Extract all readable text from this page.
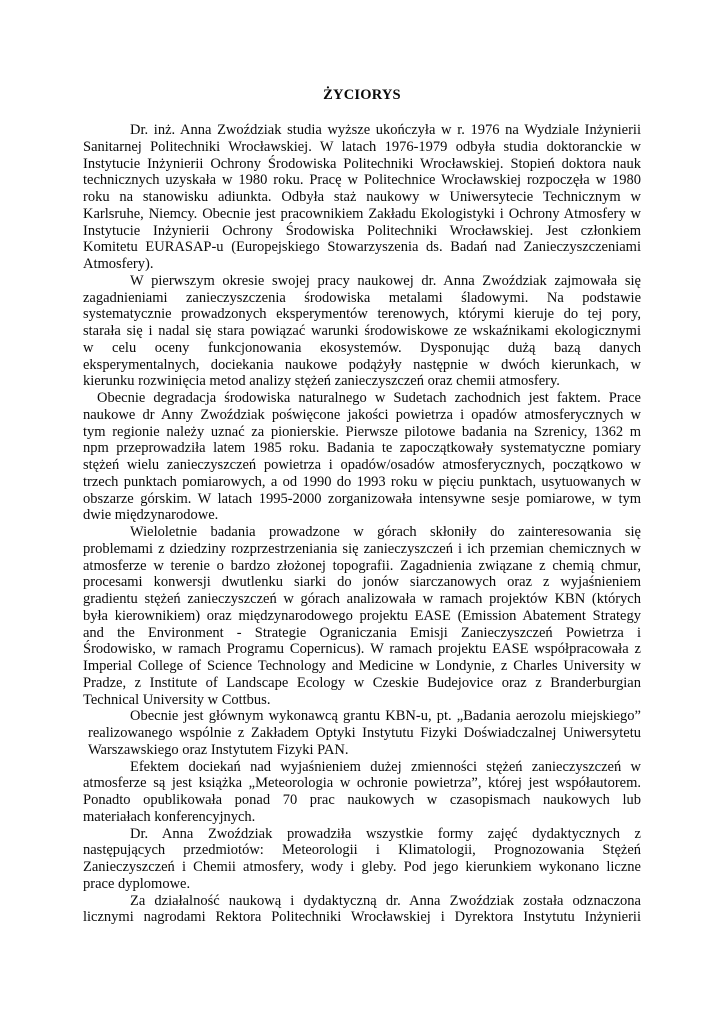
ŻYCIORYS
Dr. inż. Anna Zwoździak studia wyższe ukończyła w r. 1976 na Wydziale Inżynierii
Sanitarnej Politechniki Wrocławskiej. W latach 1976-1979 odbyła studia doktoranckie w
Instytucie Inżynierii Ochrony Środowiska Politechniki Wrocławskiej. Stopień doktora nauk
technicznych uzyskała w 1980 roku. Pracę w Politechnice Wrocławskiej rozpoczęła w 1980
roku na stanowisku adiunkta. Odbyła staż naukowy w Uniwersytecie Technicznym w
Karlsruhe, Niemcy. Obecnie jest pracownikiem Zakładu Ekologistyki i Ochrony Atmosfery w
Instytucie Inżynierii Ochrony Środowiska Politechniki Wrocławskiej. Jest członkiem
Komitetu EURASAP-u (Europejskiego Stowarzyszenia ds. Badań nad Zanieczyszczeniami
Atmosfery).
W pierwszym okresie swojej pracy naukowej dr. Anna Zwoździak zajmowała się
zagadnieniami zanieczyszczenia środowiska metalami śladowymi. Na podstawie
systematycznie prowadzonych eksperymentów terenowych, którymi kieruje do tej pory,
starała się i nadal się stara powiązać warunki środowiskowe ze wskaźnikami ekologicznymi
w celu oceny funkcjonowania ekosystemów. Dysponując dużą bazą danych
eksperymentalnych, dociekania naukowe podążyły następnie w dwóch kierunkach, w
kierunku rozwinięcia metod analizy stężeń zanieczyszczeń oraz chemii atmosfery.
Obecnie degradacja środowiska naturalnego w Sudetach zachodnich jest faktem. Prace
naukowe dr Anny Zwoździak poświęcone jakości powietrza i opadów atmosferycznych w
tym regionie należy uznać za pionierskie. Pierwsze pilotowe badania na Szrenicy, 1362 m
npm przeprowadziła latem 1985 roku. Badania te zapoczątkowały systematyczne pomiary
stężeń wielu zanieczyszczeń powietrza i opadów/osadów atmosferycznych, początkowo w
trzech punktach pomiarowych, a od 1990 do 1993 roku w pięciu punktach, usytuowanych w
obszarze górskim. W latach 1995-2000 zorganizowała intensywne sesje pomiarowe, w tym
dwie międzynarodowe.
Wieloletnie badania prowadzone w górach skłoniły do zainteresowania się
problemami z dziedziny rozprzestrzeniania się zanieczyszczeń i ich przemian chemicznych w
atmosferze w terenie o bardzo złożonej topografii. Zagadnienia związane z chemią chmur,
procesami konwersji dwutlenku siarki do jonów siarczanowych oraz z wyjaśnieniem
gradientu stężeń zanieczyszczeń w górach analizowała w ramach projektów KBN (których
była kierownikiem) oraz międzynarodowego projektu EASE (Emission Abatement Strategy
and the Environment - Strategie Ograniczania Emisji Zanieczyszczeń Powietrza i
Środowisko, w ramach Programu Copernicus). W ramach projektu EASE współpracowała z
Imperial College of Science Technology and Medicine w Londynie, z Charles University w
Pradze, z Institute of Landscape Ecology w Czeskie Budejovice oraz z Branderburgian
Technical University w Cottbus.
Obecnie jest głównym wykonawcą grantu KBN-u, pt. „Badania aerozolu miejskiego”
realizowanego wspólnie z Zakładem Optyki Instytutu Fizyki Doświadczalnej Uniwersytetu
Warszawskiego oraz Instytutem Fizyki PAN.
Efektem dociekań nad wyjaśnieniem dużej zmienności stężeń zanieczyszczeń w
atmosferze są jest książka „Meteorologia w ochronie powietrza”, której jest współautorem.
Ponadto opublikowała ponad 70 prac naukowych w czasopismach naukowych lub
materiałach konferencyjnych.
Dr. Anna Zwoździak prowadziła wszystkie formy zajęć dydaktycznych z
następujących przedmiotów: Meteorologii i Klimatologii, Prognozowania Stężeń
Zanieczyszczeń i Chemii atmosfery, wody i gleby. Pod jego kierunkiem wykonano liczne
prace dyplomowe.
Za działalność naukową i dydaktyczną dr. Anna Zwoździak została odznaczona
licznymi nagrodami Rektora Politechniki Wrocławskiej i Dyrektora Instytutu Inżynierii
